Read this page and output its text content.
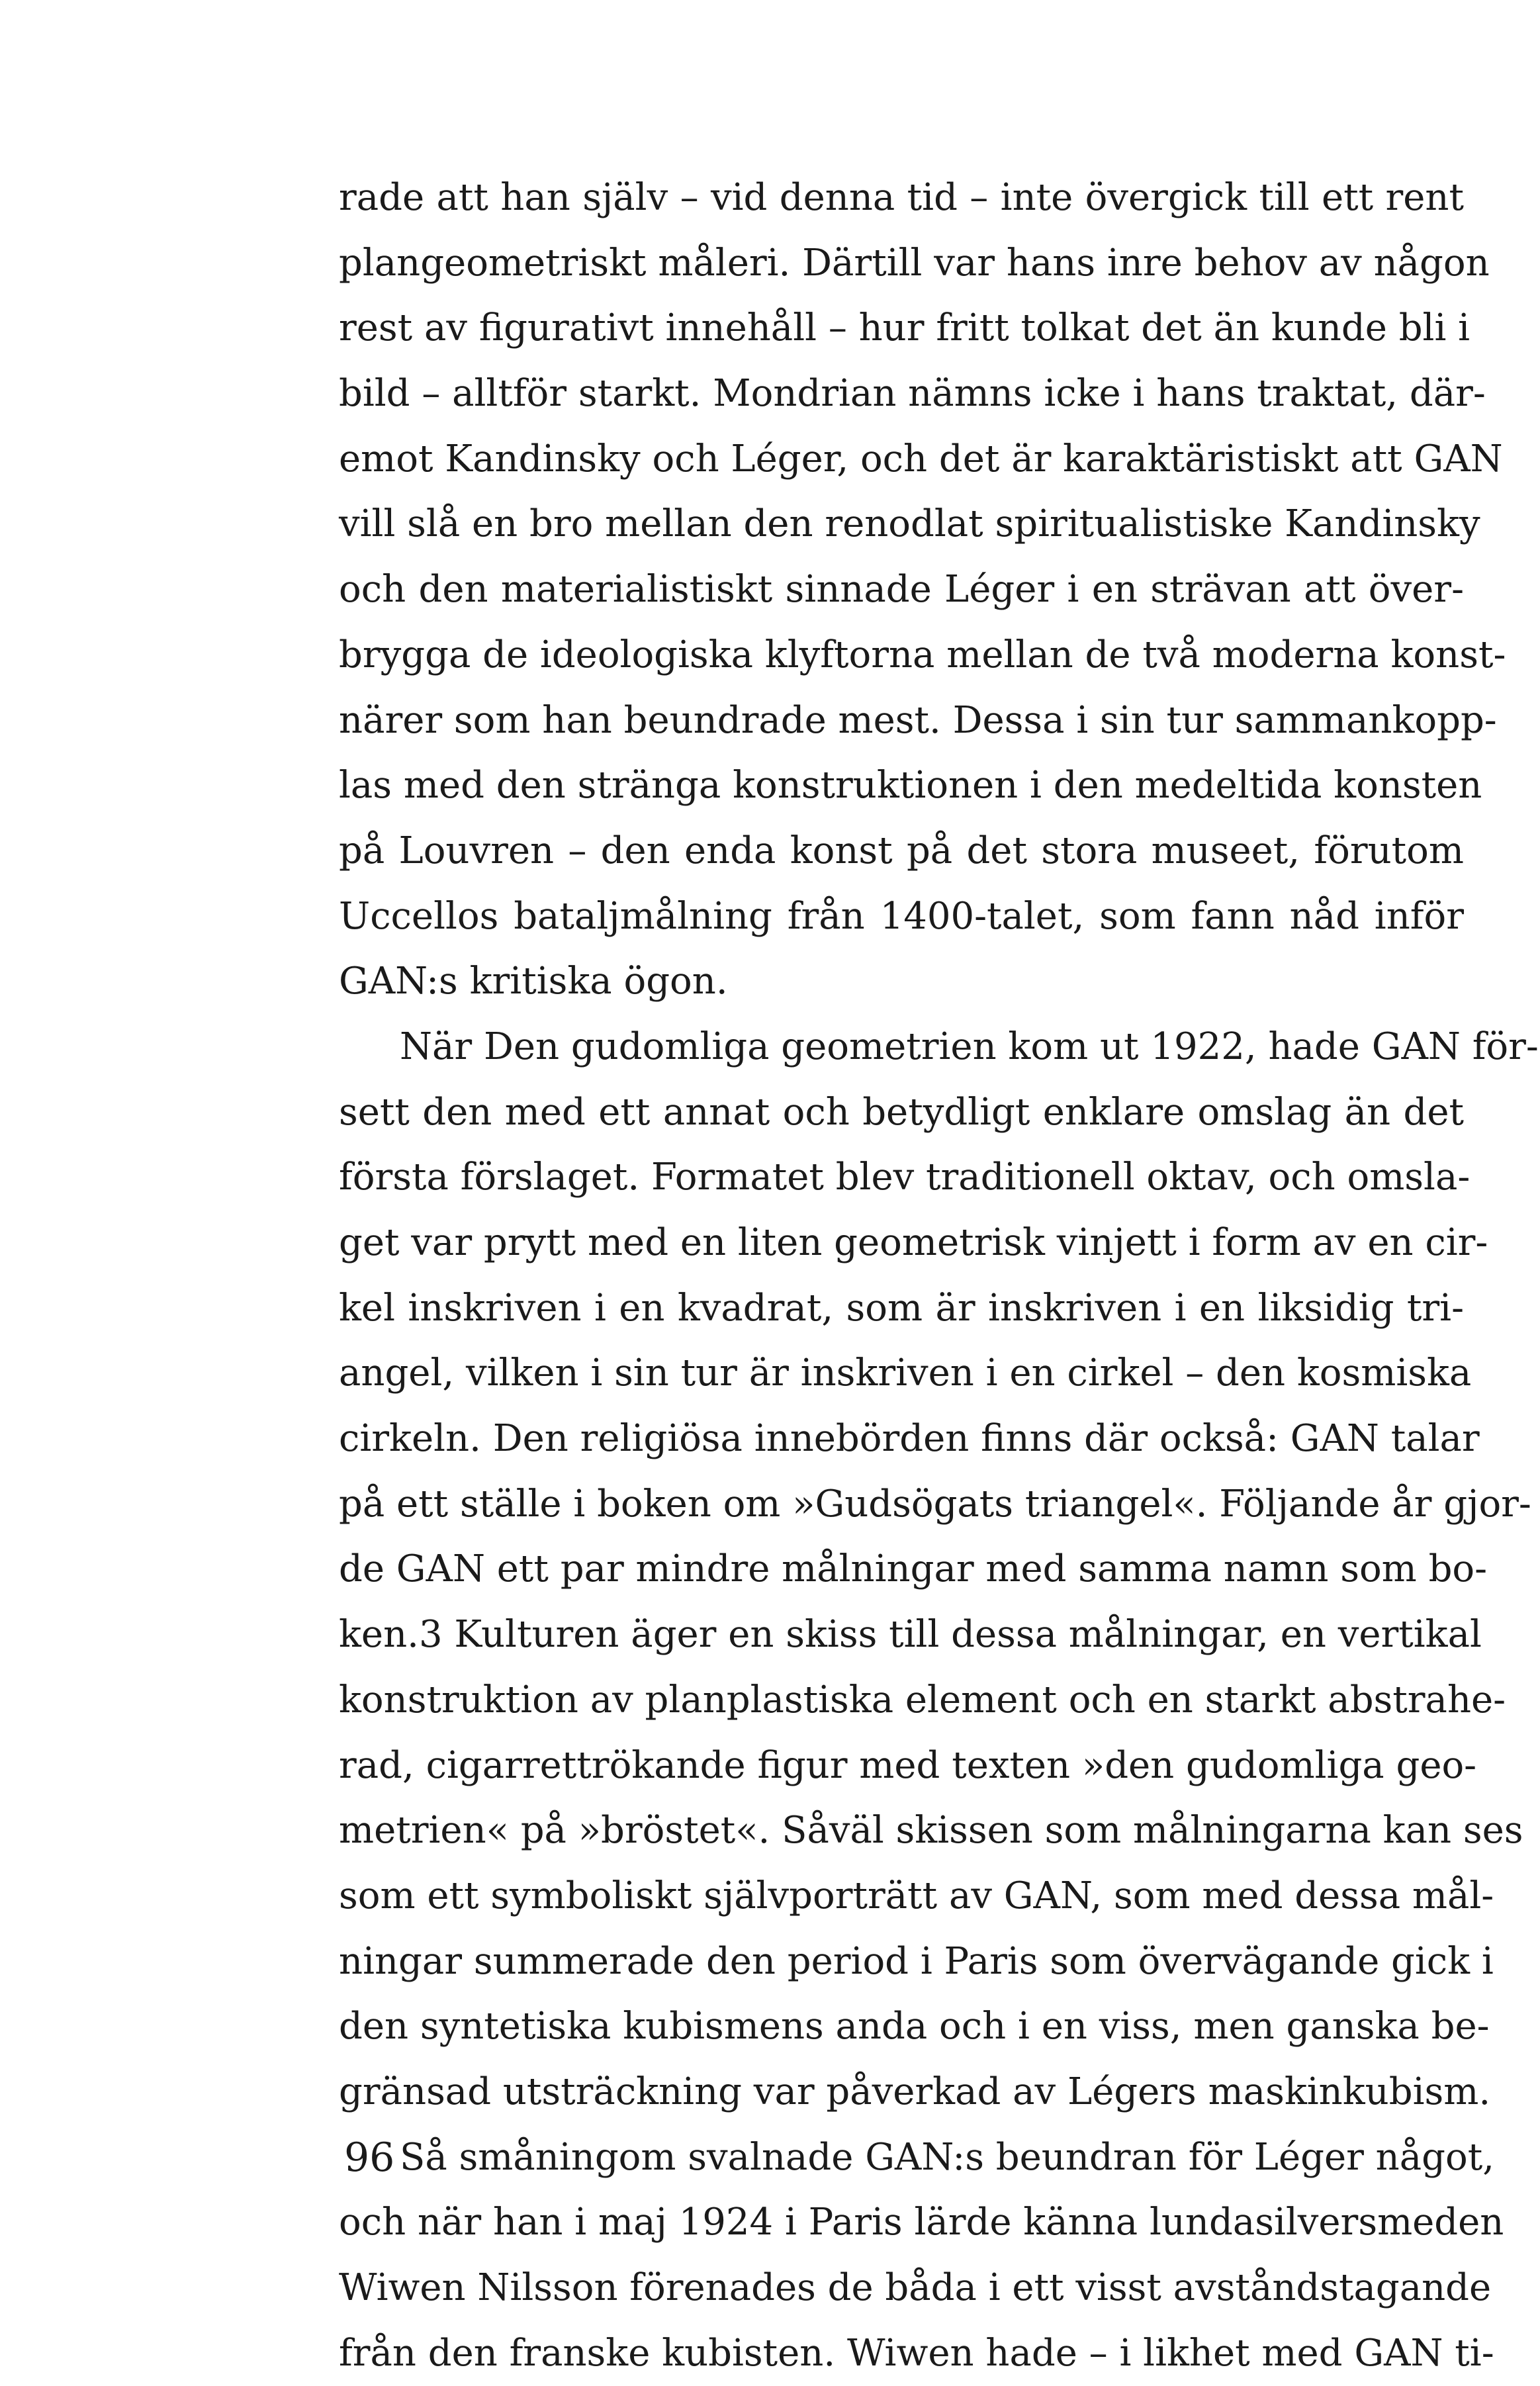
rade att han själv – vid denna tid – inte övergick till ett rent
plangeometriskt måleri. Därtill var hans inre behov av någon
rest av figurativt innehåll – hur fritt tolkat det än kunde bli i
bild – alltför starkt. Mondrian nämns icke i hans traktat, där-
emot Kandinsky och Léger, och det är karaktäristiskt att GAN
vill slå en bro mellan den renodlat spiritualistiske Kandinsky
och den materialistiskt sinnade Léger i en strävan att över-
brygga de ideologiska klyftorna mellan de två moderna konst-
närer som han beundrade mest. Dessa i sin tur sammankopp-
las med den stränga konstruktionen i den medeltida konsten
på Louvren – den enda konst på det stora museet, förutom
Uccellos bataljmålning från 1400-talet, som fann nåd inför
GAN:s kritiska ögon.
När Den gudomliga geometrien kom ut 1922, hade GAN för-
sett den med ett annat och betydligt enklare omslag än det
första förslaget. Formatet blev traditionell oktav, och omsla-
get var prytt med en liten geometrisk vinjett i form av en cir-
kel inskriven i en kvadrat, som är inskriven i en liksidig tri-
angel, vilken i sin tur är inskriven i en cirkel – den kosmiska
cirkeln. Den religiösa innebörden finns där också: GAN talar
på ett ställe i boken om »Gudsögats triangel«. Följande år gjor-
de GAN ett par mindre målningar med samma namn som bo-
ken.3 Kulturen äger en skiss till dessa målningar, en vertikal
konstruktion av planplastiska element och en starkt abstrahe-
rad, cigarrettrökande figur med texten »den gudomliga geo-
metrien« på »bröstet«. Såväl skissen som målningarna kan ses
som ett symboliskt självporträtt av GAN, som med dessa mål-
ningar summerade den period i Paris som övervägande gick i
den syntetiska kubismens anda och i en viss, men ganska be-
gränsad utsträckning var påverkad av Légers maskinkubism.
Så småningom svalnade GAN:s beundran för Léger något,
och när han i maj 1924 i Paris lärde känna lundasilversmeden
Wiwen Nilsson förenades de båda i ett visst avståndstagande
från den franske kubisten. Wiwen hade – i likhet med GAN ti-
96
